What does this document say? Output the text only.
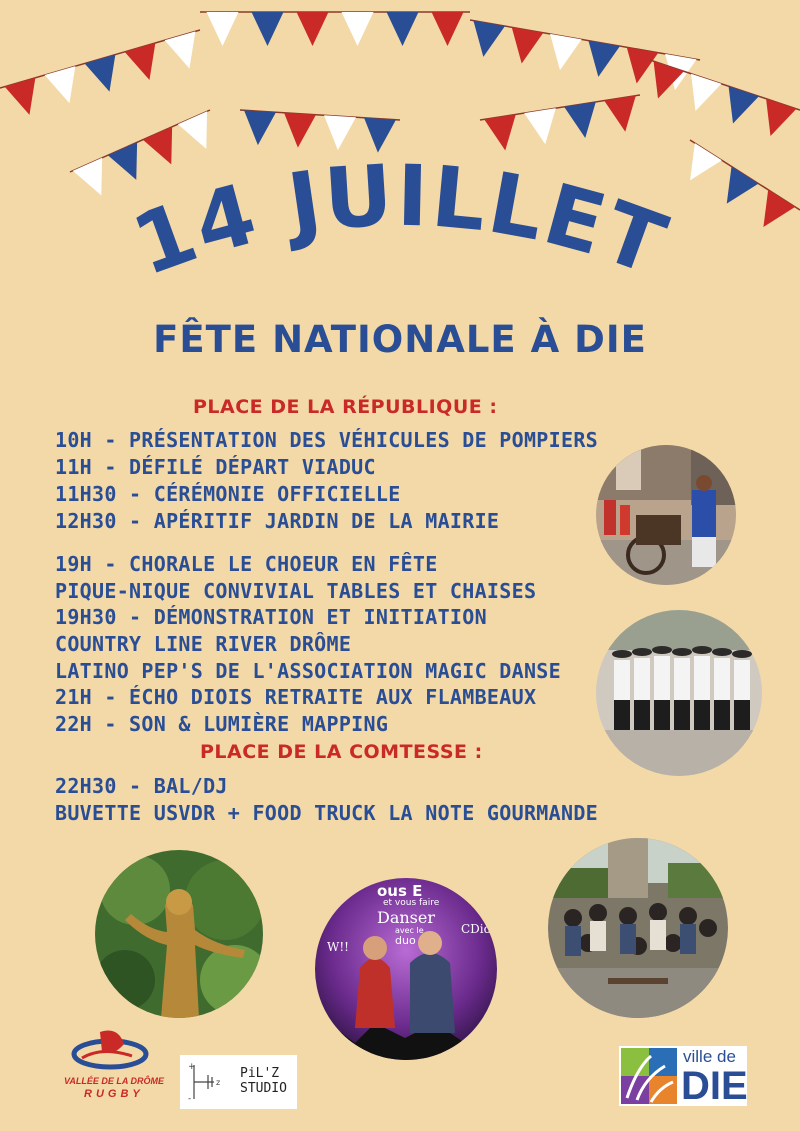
14 JUILLET
FÊTE NATIONALE À DIE
PLACE DE LA RÉPUBLIQUE :
10H - PRÉSENTATION DES VÉHICULES DE POMPIERS
11H - DÉFILÉ DÉPART VIADUC
11H30 - CÉRÉMONIE OFFICIELLE
12H30 - APÉRITIF JARDIN DE LA MAIRIE
19H - CHORALE LE CHOEUR EN FÊTE
PIQUE-NIQUE CONVIVIAL TABLES ET CHAISES
19H30 - DÉMONSTRATION ET INITIATION
COUNTRY LINE RIVER DRÔME
LATINO PEP'S DE L'ASSOCIATION MAGIC DANSE
21H - ÉCHO DIOIS RETRAITE AUX FLAMBEAUX
22H - SON & LUMIÈRE MAPPING
PLACE DE LA COMTESSE :
22H30 - BAL/DJ
BUVETTE USVDR + FOOD TRUCK LA NOTE GOURMANDE
ous E
et vous faire
Danser
avec le
duo
CDid
W!!
VALLÉE DE LA DRÔME
RUGBY
+
-
z
PiL'Z
STUDIO
ville de
DIE
